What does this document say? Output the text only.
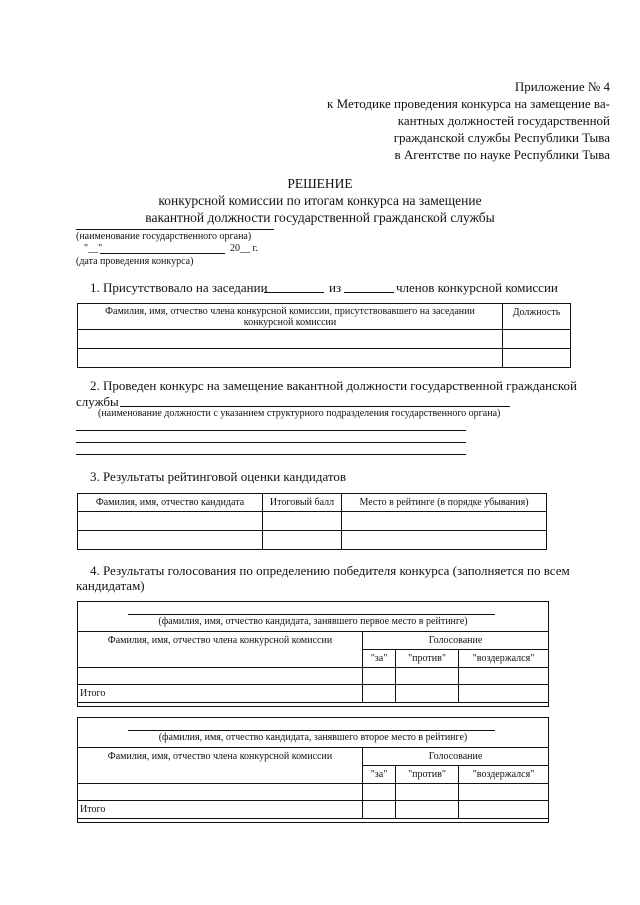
Приложение № 4
к Методике проведения конкурса на замещение ва-
кантных должностей государственной
гражданской службы Республики Тыва
в Агентстве по науке Республики Тыва
РЕШЕНИЕ
конкурсной комиссии по итогам конкурса на замещение
вакантной должности государственной гражданской службы
(наименование государственного органа)
"__"	20__ г.
(дата проведения конкурса)
1. Присутствовало на заседании	из	членов конкурсной комиссии
Фамилия, имя, отчество члена конкурсной комиссии, присутствовавшего на заседании конкурсной комиссии	Должность

2. Проведен конкурс на замещение вакантной должности государственной гражданской
службы
(наименование должности с указанием структурного подразделения государственного органа)
3. Результаты рейтинговой оценки кандидатов
Фамилия, имя, отчество кандидата	Итоговый балл	Место в рейтинге (в порядке убывания)

4. Результаты голосования по определению победителя конкурса (заполняется по всем
кандидатам)
(фамилия, имя, отчество кандидата, занявшего первое место в рейтинге)
Фамилия, имя, отчество члена конкурсной комиссии	Голосование		
	"за"	"против"	"воздержался"

Итого			
(фамилия, имя, отчество кандидата, занявшего второе место в рейтинге)
Фамилия, имя, отчество члена конкурсной комиссии	Голосование		
	"за"	"против"	"воздержался"

Итого			
